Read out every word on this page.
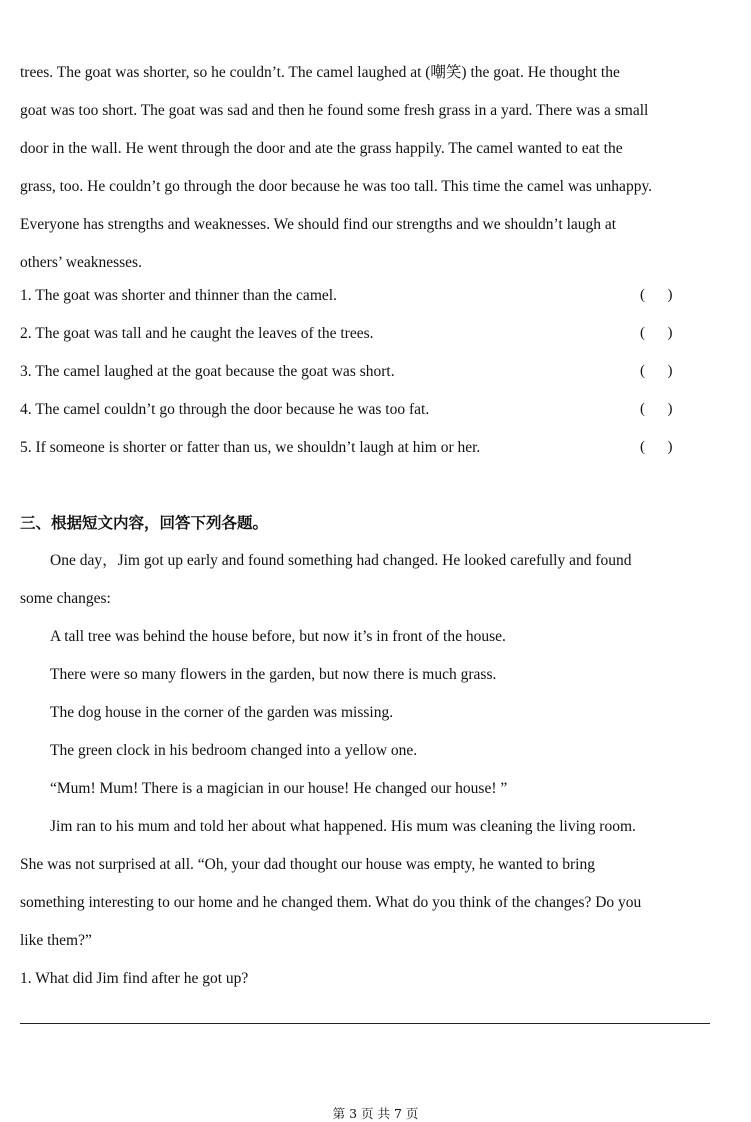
trees. The goat was shorter, so he couldn’t. The camel laughed at (嘲笑) the goat. He thought the
goat was too short. The goat was sad and then he found some fresh grass in a yard. There was a small
door in the wall. He went through the door and ate the grass happily. The camel wanted to eat the
grass, too. He couldn’t go through the door because he was too tall. This time the camel was unhappy.
Everyone has strengths and weaknesses. We should find our strengths and we shouldn’t laugh at
others’ weaknesses.
1. The goat was shorter and thinner than the camel.	(      )
2. The goat was tall and he caught the leaves of the trees.	(      )
3. The camel laughed at the goat because the goat was short.	(      )
4. The camel couldn’t go through the door because he was too fat.	(      )
5. If someone is shorter or fatter than us, we shouldn’t laugh at him or her.	(      )
三、根据短文内容，回答下列各题。
One day，Jim got up early and found something had changed. He looked carefully and found
some changes:
A tall tree was behind the house before, but now it’s in front of the house.
There were so many flowers in the garden, but now there is much grass.
The dog house in the corner of the garden was missing.
The green clock in his bedroom changed into a yellow one.
“Mum! Mum! There is a magician in our house! He changed our house! ”
Jim ran to his mum and told her about what happened. His mum was cleaning the living room.
She was not surprised at all. “Oh, your dad thought our house was empty, he wanted to bring
something interesting to our home and he changed them. What do you think of the changes? Do you
like them?”
1. What did Jim find after he got up?
第 3 页 共 7 页
